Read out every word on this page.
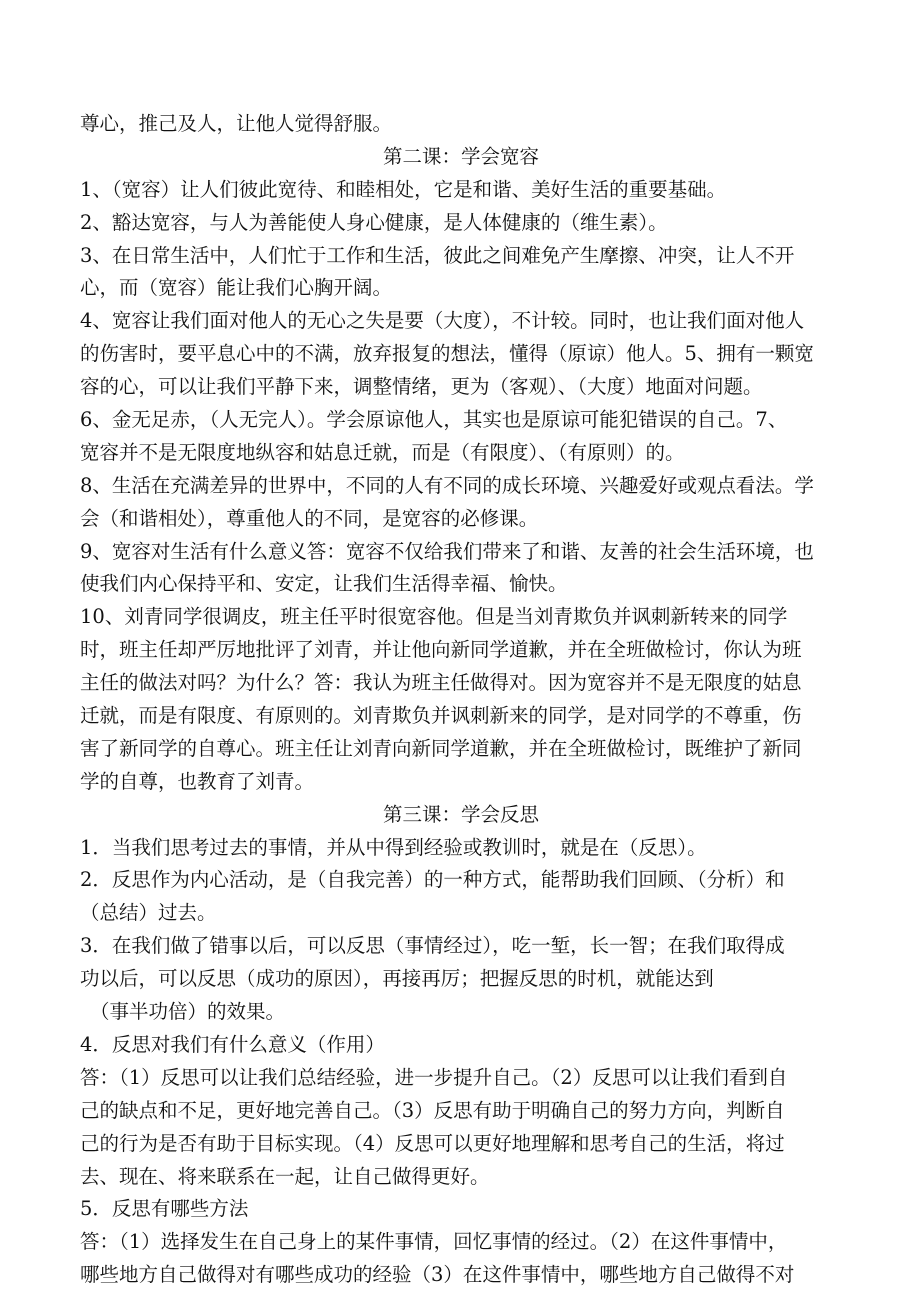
尊心，推己及人，让他人觉得舒服。
第二课：学会宽容
1、（宽容）让人们彼此宽待、和睦相处，它是和谐、美好生活的重要基础。
2、豁达宽容，与人为善能使人身心健康，是人体健康的（维生素）。
3、在日常生活中，人们忙于工作和生活，彼此之间难免产生摩擦、冲突，让人不开
心，而（宽容）能让我们心胸开阔。
4、宽容让我们面对他人的无心之失是要（大度），不计较。同时，也让我们面对他人
的伤害时，要平息心中的不满，放弃报复的想法，懂得（原谅）他人。5、拥有一颗宽
容的心，可以让我们平静下来，调整情绪，更为（客观）、（大度）地面对问题。
6、金无足赤，（人无完人）。学会原谅他人，其实也是原谅可能犯错误的自己。7、
宽容并不是无限度地纵容和姑息迁就，而是（有限度）、（有原则）的。
8、生活在充满差异的世界中，不同的人有不同的成长环境、兴趣爱好或观点看法。学
会（和谐相处），尊重他人的不同，是宽容的必修课。
9、宽容对生活有什么意义答：宽容不仅给我们带来了和谐、友善的社会生活环境，也
使我们内心保持平和、安定，让我们生活得幸福、愉快。
10、刘青同学很调皮，班主任平时很宽容他。但是当刘青欺负并讽刺新转来的同学
时，班主任却严厉地批评了刘青，并让他向新同学道歉，并在全班做检讨，你认为班
主任的做法对吗？为什么？答：我认为班主任做得对。因为宽容并不是无限度的姑息
迁就，而是有限度、有原则的。刘青欺负并讽刺新来的同学，是对同学的不尊重，伤
害了新同学的自尊心。班主任让刘青向新同学道歉，并在全班做检讨，既维护了新同
学的自尊，也教育了刘青。
第三课：学会反思
1．当我们思考过去的事情，并从中得到经验或教训时，就是在（反思）。
2．反思作为内心活动，是（自我完善）的一种方式，能帮助我们回顾、（分析）和
（总结）过去。
3．在我们做了错事以后，可以反思（事情经过），吃一堑，长一智；在我们取得成
功以后，可以反思（成功的原因），再接再厉；把握反思的时机，就能达到
（事半功倍）的效果。
4．反思对我们有什么意义（作用）
答：（1）反思可以让我们总结经验，进一步提升自己。（2）反思可以让我们看到自
己的缺点和不足，更好地完善自己。（3）反思有助于明确自己的努力方向，判断自
己的行为是否有助于目标实现。（4）反思可以更好地理解和思考自己的生活，将过
去、现在、将来联系在一起，让自己做得更好。
5．反思有哪些方法
答：（1）选择发生在自己身上的某件事情，回忆事情的经过。（2）在这件事情中，
哪些地方自己做得对有哪些成功的经验（3）在这件事情中，哪些地方自己做得不对
